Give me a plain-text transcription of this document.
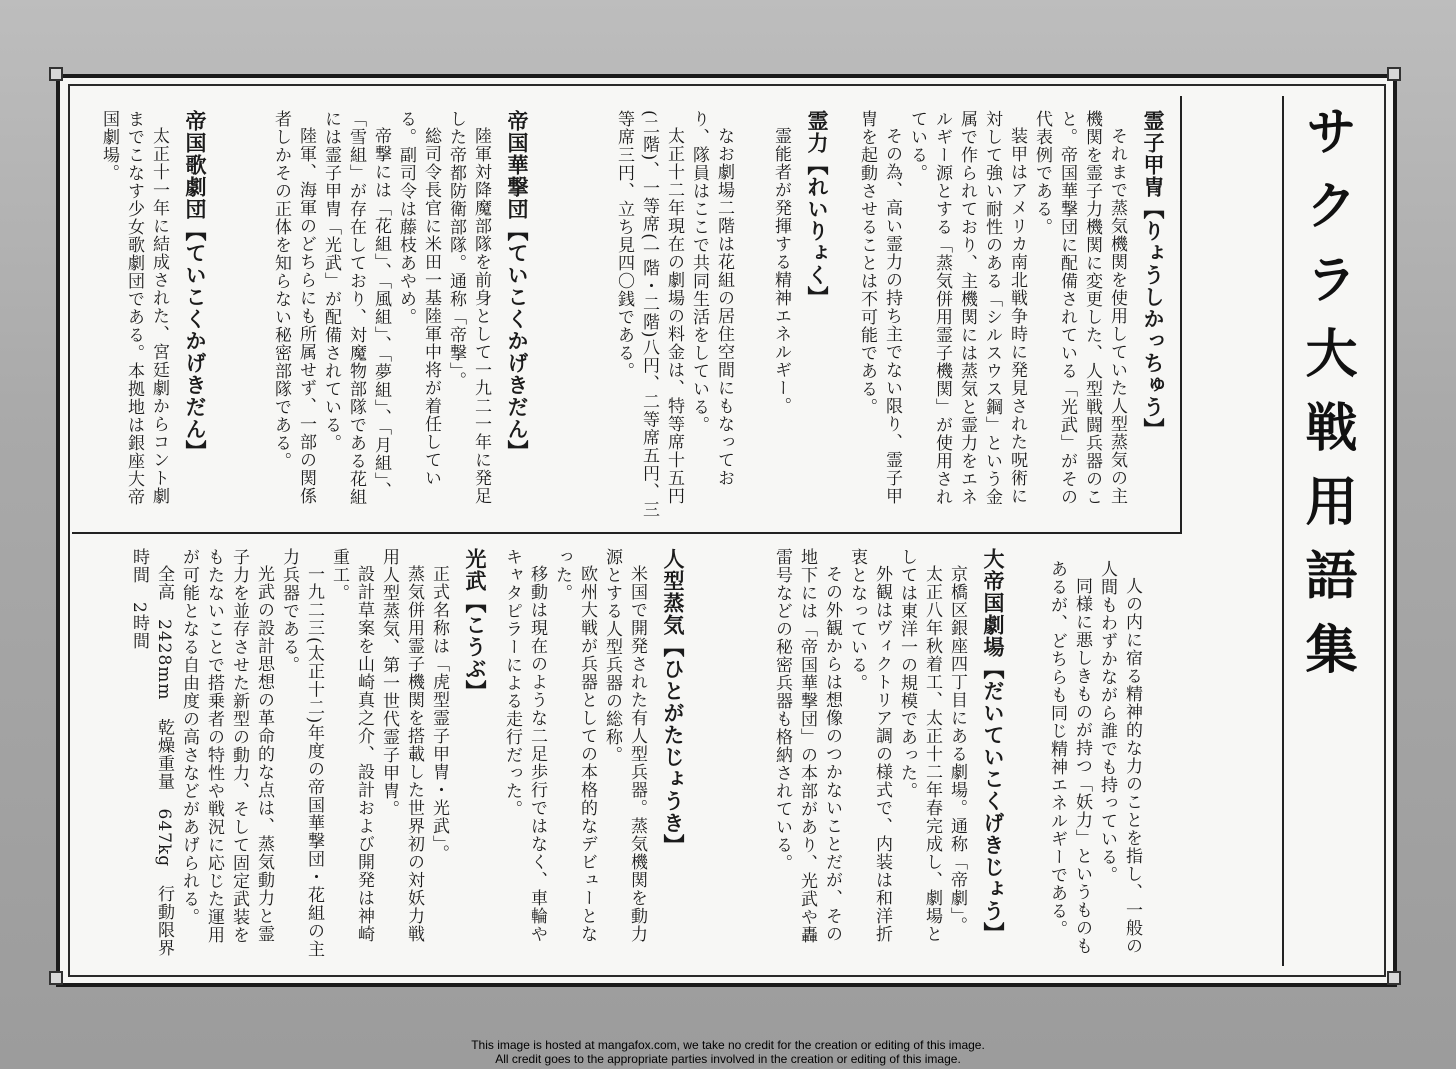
サクラ大戦用語集
霊子甲冑【りょうしかっちゅう】

それまで蒸気機関を使用していた人型蒸気の主機関を霊子力機関に変更した、人型戦闘兵器のこと。帝国華撃団に配備されている「光武」がその代表例である。

装甲はアメリカ南北戦争時に発見された呪術に対して強い耐性のある「シルスウス鋼」という金属で作られており、主機関には蒸気と霊力をエネルギー源とする「蒸気併用霊子機関」が使用されている。

その為、高い霊力の持ち主でない限り、霊子甲冑を起動させることは不可能である。

霊力【れいりょく】

霊能者が発揮する精神エネルギー。

なお劇場二階は花組の居住空間にもなっており、隊員はここで共同生活をしている。

太正十二年現在の劇場の料金は、特等席十五円(二階)、一等席(一階・二階)八円、二等席五円、三等席三円、立ち見四〇銭である。

帝国華撃団【ていこくかげきだん】

陸軍対降魔部隊を前身として一九二一年に発足した帝都防衛部隊。通称「帝撃」。

総司令長官に米田一基陸軍中将が着任している。副司令は藤枝あやめ。

帝撃には「花組」、「風組」、「夢組」、「月組」、「雪組」が存在しており、対魔物部隊である花組には霊子甲冑「光武」が配備されている。

陸軍、海軍のどちらにも所属せず、一部の関係者しかその正体を知らない秘密部隊である。

帝国歌劇団【ていこくかげきだん】

太正十一年に結成された、宮廷劇からコント劇までこなす少女歌劇団である。本拠地は銀座大帝国劇場。

人の内に宿る精神的な力のことを指し、一般の人間もわずかながら誰でも持っている。

同様に悪しきものが持つ「妖力」というものもあるが、どちらも同じ精神エネルギーである。

大帝国劇場【だいていこくげきじょう】

京橋区銀座四丁目にある劇場。通称「帝劇」。

太正八年秋着工、太正十二年春完成し、劇場としては東洋一の規模であった。

外観はヴィクトリア調の様式で、内装は和洋折衷となっている。

その外観からは想像のつかないことだが、その地下には「帝国華撃団」の本部があり、光武や轟雷号などの秘密兵器も格納されている。

人型蒸気【ひとがたじょうき】

米国で開発された有人型兵器。蒸気機関を動力源とする人型兵器の総称。

欧州大戦が兵器としての本格的なデビューとなった。

移動は現在のような二足歩行ではなく、車輪やキャタピラーによる走行だった。

光武【こうぶ】

正式名称は「虎型霊子甲冑・光武」。

蒸気併用霊子機関を搭載した世界初の対妖力戦用人型蒸気、第一世代霊子甲冑。

設計草案を山崎真之介、設計および開発は神崎重工。

一九二三(太正十二)年度の帝国華撃団・花組の主力兵器である。

光武の設計思想の革命的な点は、蒸気動力と霊子力を並存させた新型の動力、そして固定武装をもたないことで搭乗者の特性や戦況に応じた運用が可能となる自由度の高さなどがあげられる。

全高　2428mm　乾燥重量　647kg　行動限界時間　2時間

This image is hosted at mangafox.com, we take no credit for the creation or editing of this image.
All credit goes to the appropriate parties involved in the creation or editing of this image.
